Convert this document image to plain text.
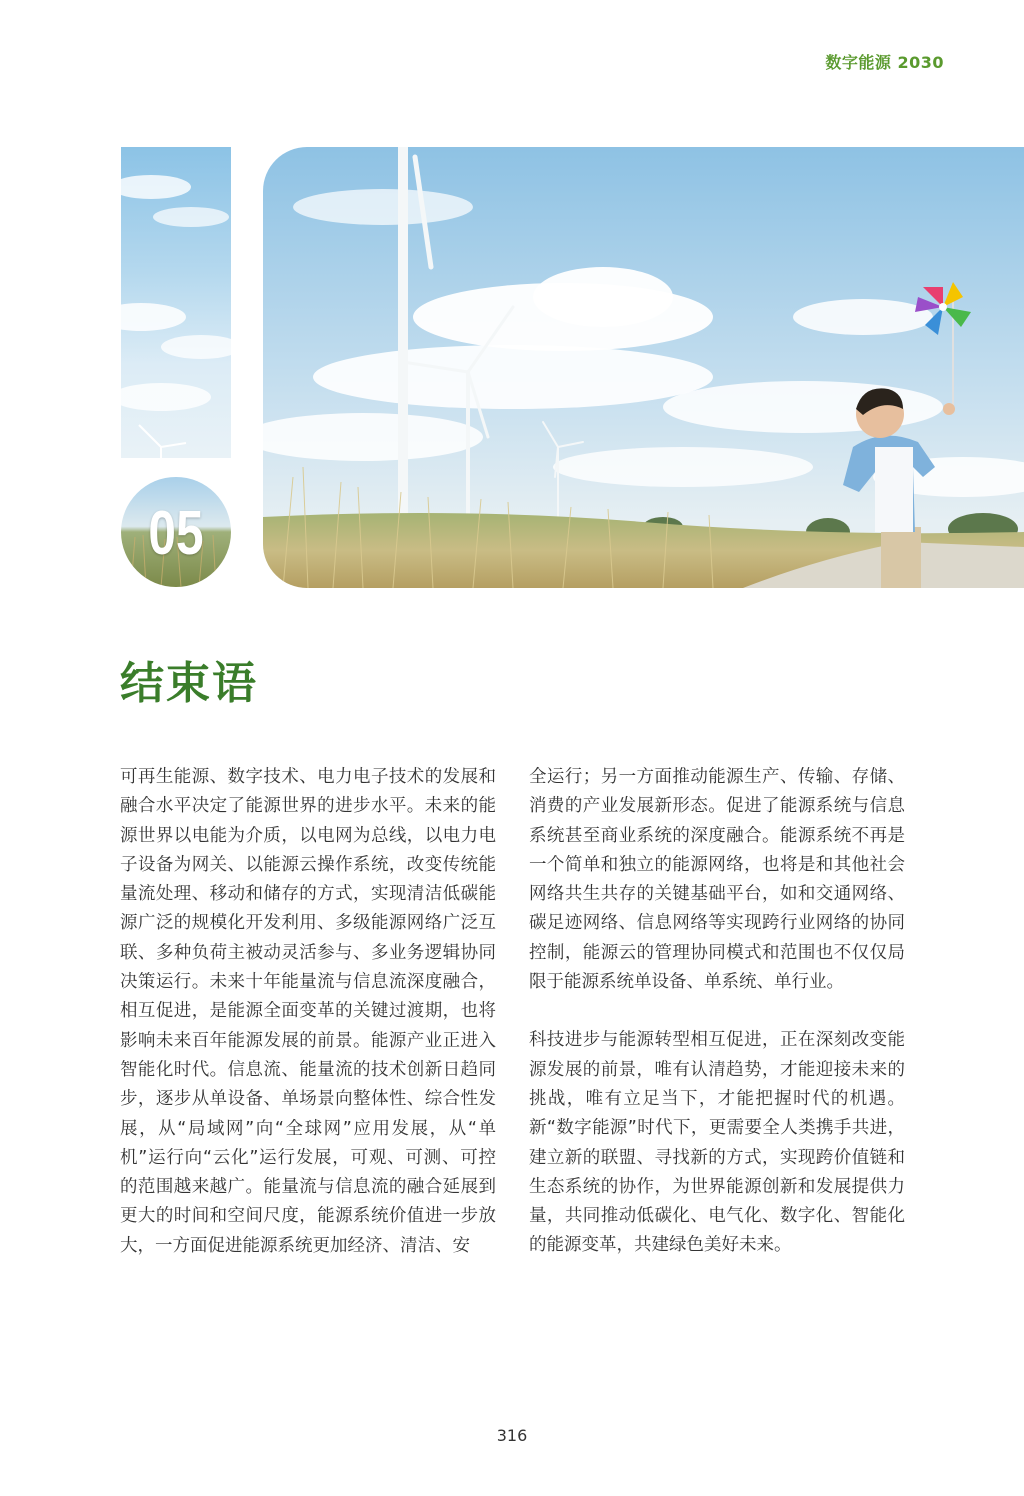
数字能源 2030
05
结束语

可再生能源、数字技术、电力电子技术的发展和融合水平决定了能源世界的进步水平。未来的能源世界以电能为介质，以电网为总线，以电力电子设备为网关、以能源云操作系统，改变传统能量流处理、移动和储存的方式，实现清洁低碳能源广泛的规模化开发利用、多级能源网络广泛互联、多种负荷主被动灵活参与、多业务逻辑协同决策运行。未来十年能量流与信息流深度融合，相互促进，是能源全面变革的关键过渡期，也将影响未来百年能源发展的前景。能源产业正进入智能化时代。信息流、能量流的技术创新日趋同步，逐步从单设备、单场景向整体性、综合性发展，从“局域网”向“全球网”应用发展，从“单机”运行向“云化”运行发展，可观、可测、可控的范围越来越广。能量流与信息流的融合延展到更大的时间和空间尺度，能源系统价值进一步放大，一方面促进能源系统更加经济、清洁、安

全运行；另一方面推动能源生产、传输、存储、消费的产业发展新形态。促进了能源系统与信息系统甚至商业系统的深度融合。能源系统不再是一个简单和独立的能源网络，也将是和其他社会网络共生共存的关键基础平台，如和交通网络、碳足迹网络、信息网络等实现跨行业网络的协同控制，能源云的管理协同模式和范围也不仅仅局限于能源系统单设备、单系统、单行业。

科技进步与能源转型相互促进，正在深刻改变能源发展的前景，唯有认清趋势，才能迎接未来的挑战，唯有立足当下，才能把握时代的机遇。新“数字能源”时代下，更需要全人类携手共进，建立新的联盟、寻找新的方式，实现跨价值链和生态系统的协作，为世界能源创新和发展提供力量，共同推动低碳化、电气化、数字化、智能化的能源变革，共建绿色美好未来。

316
